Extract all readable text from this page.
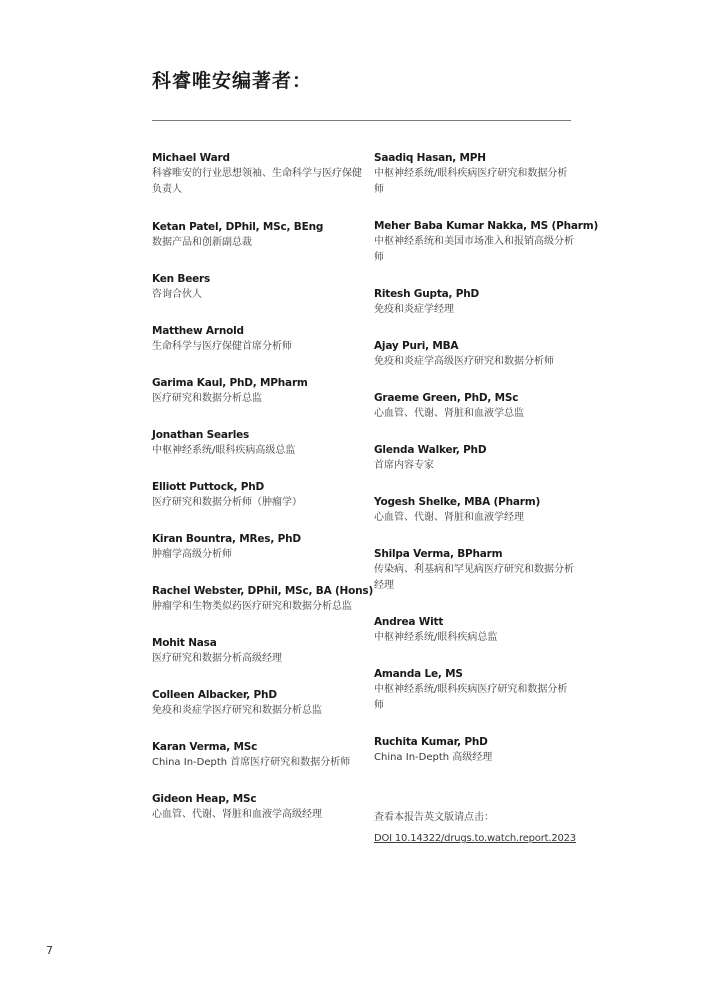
科睿唯安编著者：
Michael Ward
科睿唯安的行业思想领袖、生命科学与医疗保健负责人
Ketan Patel, DPhil, MSc, BEng
数据产品和创新副总裁
Ken Beers
咨询合伙人
Matthew Arnold
生命科学与医疗保健首席分析师
Garima Kaul, PhD, MPharm
医疗研究和数据分析总监
Jonathan Searles
中枢神经系统/眼科疾病高级总监
Elliott Puttock, PhD
医疗研究和数据分析师（肿瘤学）
Kiran Bountra, MRes, PhD
肿瘤学高级分析师
Rachel Webster, DPhil, MSc, BA (Hons)
肿瘤学和生物类似药医疗研究和数据分析总监
Mohit Nasa
医疗研究和数据分析高级经理
Colleen Albacker, PhD
免疫和炎症学医疗研究和数据分析总监
Karan Verma, MSc
China In-Depth 首席医疗研究和数据分析师
Gideon Heap, MSc
心血管、代谢、肾脏和血液学高级经理
Saadiq Hasan, MPH
中枢神经系统/眼科疾病医疗研究和数据分析师
Meher Baba Kumar Nakka, MS (Pharm)
中枢神经系统和美国市场准入和报销高级分析师
Ritesh Gupta, PhD
免疫和炎症学经理
Ajay Puri, MBA
免疫和炎症学高级医疗研究和数据分析师
Graeme Green, PhD, MSc
心血管、代谢、肾脏和血液学总监
Glenda Walker, PhD
首席内容专家
Yogesh Shelke, MBA (Pharm)
心血管、代谢、肾脏和血液学经理
Shilpa Verma, BPharm
传染病、利基病和罕见病医疗研究和数据分析经理
Andrea Witt
中枢神经系统/眼科疾病总监
Amanda Le, MS
中枢神经系统/眼科疾病医疗研究和数据分析师
Ruchita Kumar, PhD
China In-Depth 高级经理
查看本报告英文版请点击：
DOI 10.14322/drugs.to.watch.report.2023
7
